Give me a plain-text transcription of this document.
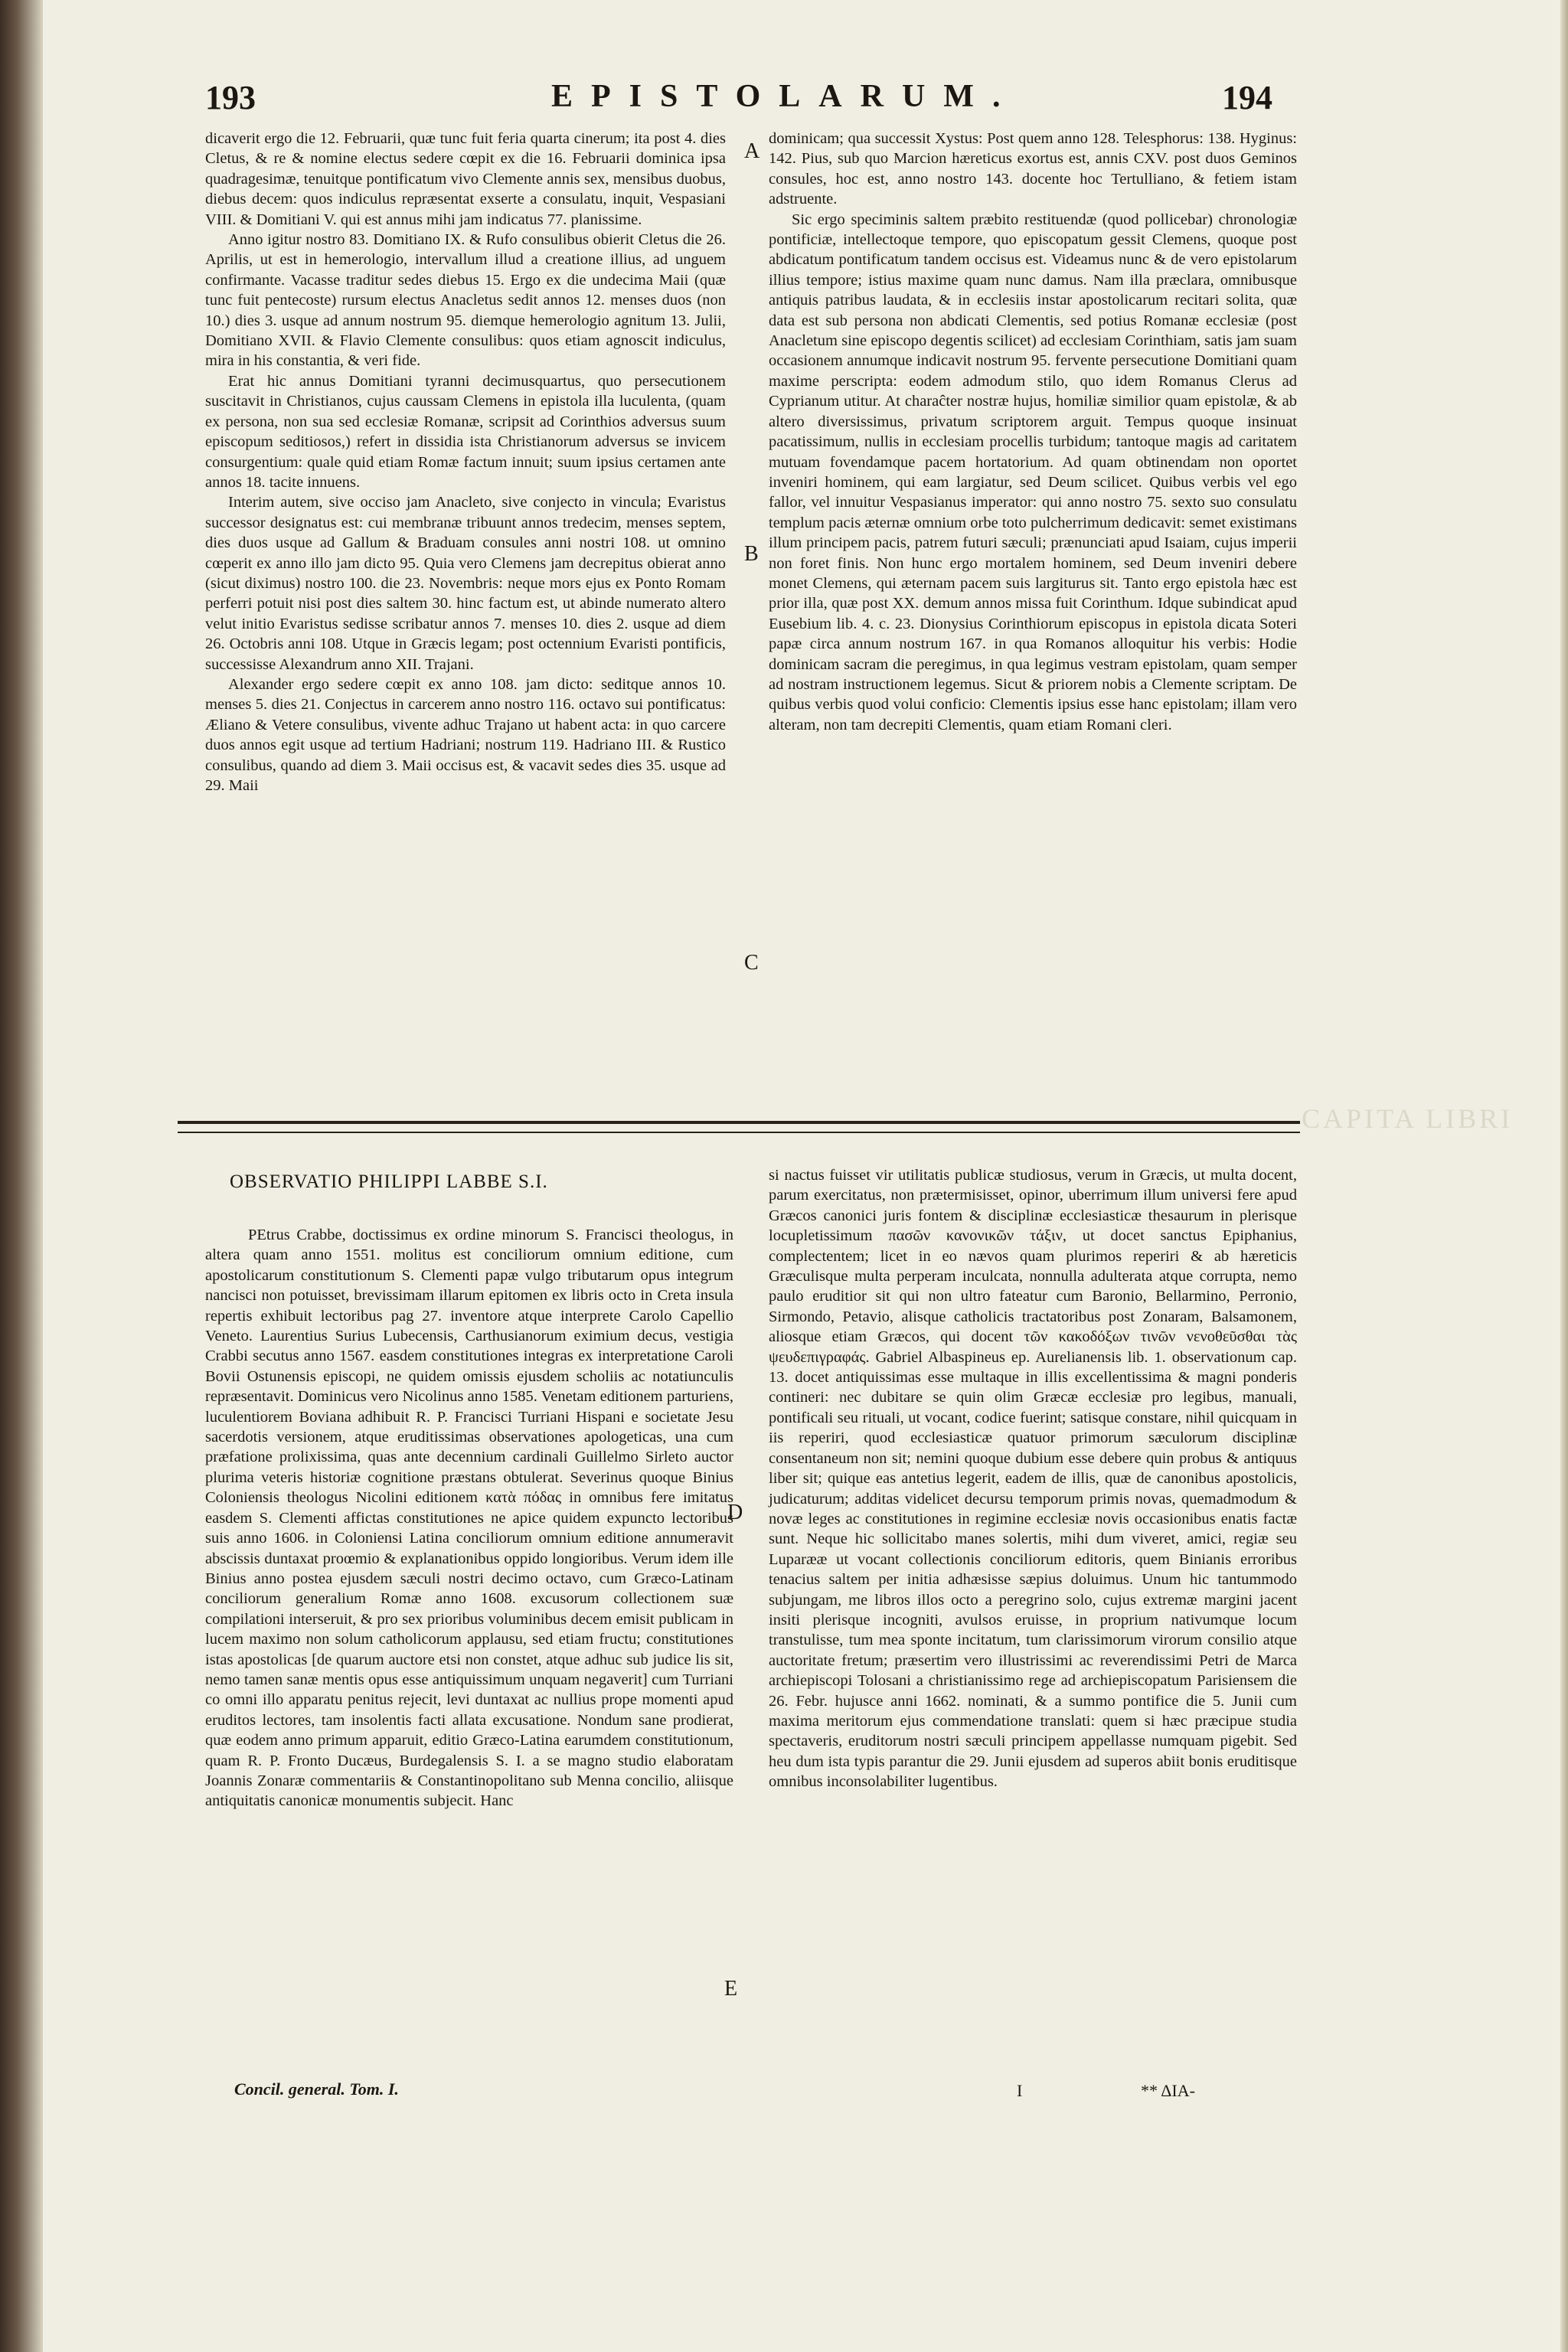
193	EPISTOLARUM.	194
A
B
C
D
E

dicaverit ergo die 12. Februarii, quæ tunc fuit feria quarta cinerum; ita post 4. dies Cletus, & re & nomine electus sedere cœpit ex die 16. Februarii dominica ipsa quadragesimæ, tenuitque pontificatum vivo Clemente annis sex, mensibus duobus, diebus decem: quos indiculus repræsentat exserte a consulatu, inquit, Vespasiani VIII. & Domitiani V. qui est annus mihi jam indicatus 77. planissime.

Anno igitur nostro 83. Domitiano IX. & Rufo consulibus obierit Cletus die 26. Aprilis, ut est in hemerologio, intervallum illud a creatione illius, ad unguem confirmante. Vacasse traditur sedes diebus 15. Ergo ex die undecima Maii (quæ tunc fuit pentecoste) rursum electus Anacletus sedit annos 12. menses duos (non 10.) dies 3. usque ad annum nostrum 95. diemque hemerologio agnitum 13. Julii, Domitiano XVII. & Flavio Clemente consulibus: quos etiam agnoscit indiculus, mira in his constantia, & veri fide.

Erat hic annus Domitiani tyranni decimusquartus, quo persecutionem suscitavit in Christianos, cujus caussam Clemens in epistola illa luculenta, (quam ex persona, non sua sed ecclesiæ Romanæ, scripsit ad Corinthios adversus suum episcopum seditiosos,) refert in dissidia ista Christianorum adversus se invicem consurgentium: quale quid etiam Romæ factum innuit; suum ipsius certamen ante annos 18. tacite innuens.

Interim autem, sive occiso jam Anacleto, sive conjecto in vincula; Evaristus successor designatus est: cui membranæ tribuunt annos tredecim, menses septem, dies duos usque ad Gallum & Braduam consules anni nostri 108. ut omnino cœperit ex anno illo jam dicto 95. Quia vero Clemens jam decrepitus obierat anno (sicut diximus) nostro 100. die 23. Novembris: neque mors ejus ex Ponto Romam perferri potuit nisi post dies saltem 30. hinc factum est, ut abinde numerato altero velut initio Evaristus sedisse scribatur annos 7. menses 10. dies 2. usque ad diem 26. Octobris anni 108. Utque in Græcis legam; post octennium Evaristi pontificis, successisse Alexandrum anno XII. Trajani.

Alexander ergo sedere cœpit ex anno 108. jam dicto: seditque annos 10. menses 5. dies 21. Conjectus in carcerem anno nostro 116. octavo sui pontificatus: Æliano & Vetere consulibus, vivente adhuc Trajano ut habent acta: in quo carcere duos annos egit usque ad tertium Hadriani; nostrum 119. Hadriano III. & Rustico consulibus, quando ad diem 3. Maii occisus est, & vacavit sedes dies 35. usque ad 29. Maii

dominicam; qua successit Xystus: Post quem anno 128. Telesphorus: 138. Hyginus: 142. Pius, sub quo Marcion hæreticus exortus est, annis CXV. post duos Geminos consules, hoc est, anno nostro 143. docente hoc Tertulliano, & fetiem istam adstruente.

Sic ergo speciminis saltem præbito restituendæ (quod pollicebar) chronologiæ pontificiæ, intellectoque tempore, quo episcopatum gessit Clemens, quoque post abdicatum pontificatum tandem occisus est. Videamus nunc & de vero epistolarum illius tempore; istius maxime quam nunc damus. Nam illa præclara, omnibusque antiquis patribus laudata, & in ecclesiis instar apostolicarum recitari solita, quæ data est sub persona non abdicati Clementis, sed potius Romanæ ecclesiæ (post Anacletum sine episcopo degentis scilicet) ad ecclesiam Corinthiam, satis jam suam occasionem annumque indicavit nostrum 95. fervente persecutione Domitiani quam maxime perscripta: eodem admodum stilo, quo idem Romanus Clerus ad Cyprianum utitur. At charaĉter nostræ hujus, homiliæ similior quam epistolæ, & ab altero diversissimus, privatum scriptorem arguit. Tempus quoque insinuat pacatissimum, nullis in ecclesiam procellis turbidum; tantoque magis ad caritatem mutuam fovendamque pacem hortatorium. Ad quam obtinendam non oportet inveniri hominem, qui eam largiatur, sed Deum scilicet. Quibus verbis vel ego fallor, vel innuitur Vespasianus imperator: qui anno nostro 75. sexto suo consulatu templum pacis æternæ omnium orbe toto pulcherrimum dedicavit: semet existimans illum principem pacis, patrem futuri sæculi; prænunciati apud Isaiam, cujus imperii non foret finis. Non hunc ergo mortalem hominem, sed Deum inveniri debere monet Clemens, qui æternam pacem suis largiturus sit. Tanto ergo epistola hæc est prior illa, quæ post XX. demum annos missa fuit Corinthum. Idque subindicat apud Eusebium lib. 4. c. 23. Dionysius Corinthiorum episcopus in epistola dicata Soteri papæ circa annum nostrum 167. in qua Romanos alloquitur his verbis: Hodie dominicam sacram die peregimus, in qua legimus vestram epistolam, quam semper ad nostram instructionem legemus. Sicut & priorem nobis a Clemente scriptam. De quibus verbis quod volui conficio: Clementis ipsius esse hanc epistolam; illam vero alteram, non tam decrepiti Clementis, quam etiam Romani cleri.

CAPITA LIBRI
OBSERVATIO PHILIPPI LABBE S.I.

PEtrus Crabbe, doctissimus ex ordine minorum S. Francisci theologus, in altera quam anno 1551. molitus est conciliorum omnium editione, cum apostolicarum constitutionum S. Clementi papæ vulgo tributarum opus integrum nancisci non potuisset, brevissimam illarum epitomen ex libris octo in Creta insula repertis exhibuit lectoribus pag 27. inventore atque interprete Carolo Capellio Veneto. Laurentius Surius Lubecensis, Carthusianorum eximium decus, vestigia Crabbi secutus anno 1567. easdem constitutiones integras ex interpretatione Caroli Bovii Ostunensis episcopi, ne quidem omissis ejusdem scholiis ac notatiunculis repræsentavit. Dominicus vero Nicolinus anno 1585. Venetam editionem parturiens, luculentiorem Boviana adhibuit R. P. Francisci Turriani Hispani e societate Jesu sacerdotis versionem, atque eruditissimas observationes apologeticas, una cum præfatione prolixissima, quas ante decennium cardinali Guillelmo Sirleto auctor plurima veteris historiæ cognitione præstans obtulerat. Severinus quoque Binius Coloniensis theologus Nicolini editionem κατὰ πόδας in omnibus fere imitatus easdem S. Clementi affictas constitutiones ne apice quidem expuncto lectoribus suis anno 1606. in Coloniensi Latina conciliorum omnium editione annumeravit abscissis duntaxat proœmio & explanationibus oppido longioribus. Verum idem ille Binius anno postea ejusdem sæculi nostri decimo octavo, cum Græco-Latinam conciliorum generalium Romæ anno 1608. excusorum collectionem suæ compilationi interseruit, & pro sex prioribus voluminibus decem emisit publicam in lucem maximo non solum catholicorum applausu, sed etiam fructu; constitutiones istas apostolicas [de quarum auctore etsi non constet, atque adhuc sub judice lis sit, nemo tamen sanæ mentis opus esse antiquissimum unquam negaverit] cum Turriani co omni illo apparatu penitus rejecit, levi duntaxat ac nullius prope momenti apud eruditos lectores, tam insolentis facti allata excusatione. Nondum sane prodierat, quæ eodem anno primum apparuit, editio Græco-Latina earumdem constitutionum, quam R. P. Fronto Ducæus, Burdegalensis S. I. a se magno studio elaboratam Joannis Zonaræ commentariis & Constantinopolitano sub Menna concilio, aliisque antiquitatis canonicæ monumentis subjecit. Hanc

si nactus fuisset vir utilitatis publicæ studiosus, verum in Græcis, ut multa docent, parum exercitatus, non prætermisisset, opinor, uberrimum illum universi fere apud Græcos canonici juris fontem & disciplinæ ecclesiasticæ thesaurum in plerisque locupletissimum πασῶν κανονικῶν τάξιν, ut docet sanctus Epiphanius, complectentem; licet in eo nævos quam plurimos reperiri & ab hæreticis Græculisque multa perperam inculcata, nonnulla adulterata atque corrupta, nemo paulo eruditior sit qui non ultro fateatur cum Baronio, Bellarmino, Perronio, Sirmondo, Petavio, alisque catholicis tractatoribus post Zonaram, Balsamonem, aliosque etiam Græcos, qui docent τῶν κακοδόξων τινῶν νενοθεῦσθαι τὰς ψευδεπιγραφάς. Gabriel Albaspineus ep. Aurelianensis lib. 1. observationum cap. 13. docet antiquissimas esse multaque in illis excellentissima & magni ponderis contineri: nec dubitare se quin olim Græcæ ecclesiæ pro legibus, manuali, pontificali seu rituali, ut vocant, codice fuerint; satisque constare, nihil quicquam in iis reperiri, quod ecclesiasticæ quatuor primorum sæculorum disciplinæ consentaneum non sit; nemini quoque dubium esse debere quin probus & antiquus liber sit; quique eas antetius legerit, eadem de illis, quæ de canonibus apostolicis, judicaturum; additas videlicet decursu temporum primis novas, quemadmodum & novæ leges ac constitutiones in regimine ecclesiæ novis occasionibus enatis factæ sunt. Neque hic sollicitabo manes solertis, mihi dum viveret, amici, regiæ seu Luparææ ut vocant collectionis conciliorum editoris, quem Binianis erroribus tenacius saltem per initia adhæsisse sæpius doluimus. Unum hic tantummodo subjungam, me libros illos octo a peregrino solo, cujus extremæ margini jacent insiti plerisque incogniti, avulsos eruisse, in proprium nativumque locum transtulisse, tum mea sponte incitatum, tum clarissimorum virorum consilio atque auctoritate fretum; præsertim vero illustrissimi ac reverendissimi Petri de Marca archiepiscopi Tolosani a christianissimo rege ad archiepiscopatum Parisiensem die 26. Febr. hujusce anni 1662. nominati, & a summo pontifice die 5. Junii cum maxima meritorum ejus commendatione translati: quem si hæc præcipue studia spectaveris, eruditorum nostri sæculi principem appellasse numquam pigebit. Sed heu dum ista typis parantur die 29. Junii ejusdem ad superos abiit bonis eruditisque omnibus inconsolabiliter lugentibus.

Concil. general. Tom. I.	I	** ΔIA-
